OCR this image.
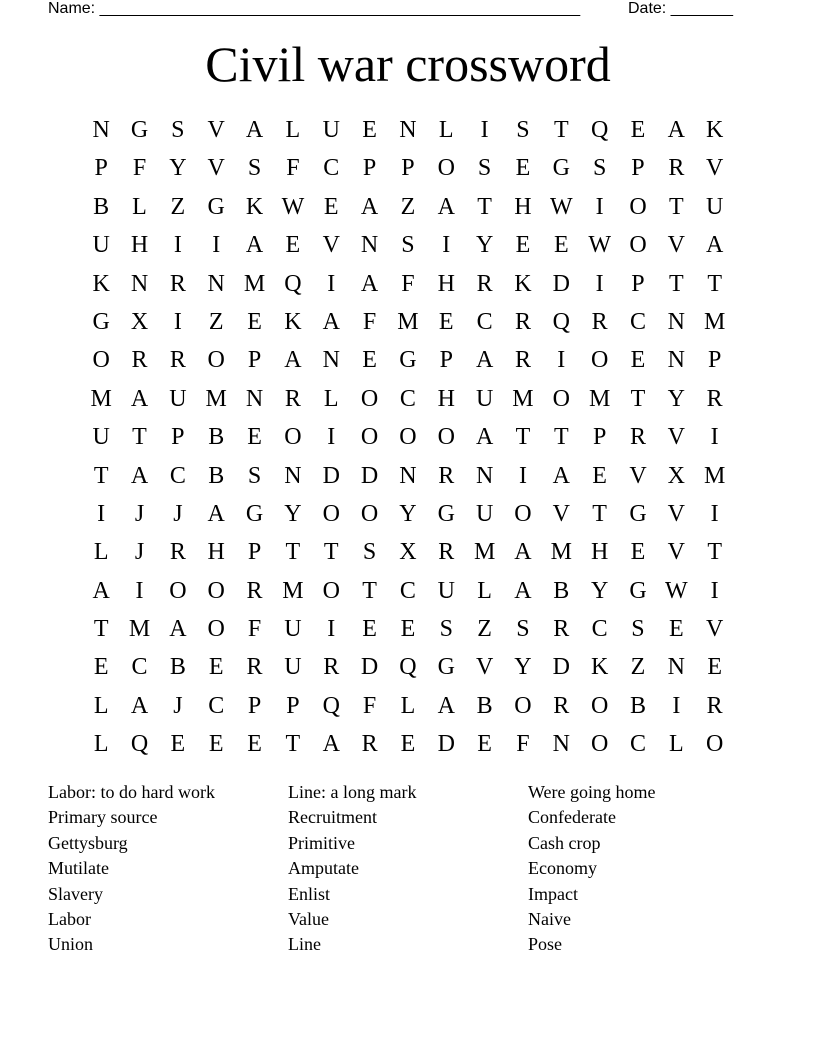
Name: ______________________________________________________	Date: _______
Civil war crossword
N G S V A L U E N L	I	S	T Q E A K
P	F Y V S	F C P	P O S	E G S	P R V
B L Z G K W E A Z A T H W I	O T U
U H	I	I	A E V N S	I	Y E E W O V A
K N R N M Q	I	A F H R K D	I	P	T T
G X	I	Z E K A F M E C R Q R C N M
O R R O P A N E G P A R	I	O E N P
M A U M N R L O C H U M O M T Y R
U T	P B E O	I	O O O A T T	P R V	I
T A C B S N D D N R N	I	A E V X M
I	J	J	A G Y O O Y G U O V T G V	I
L	J	R H P	T T	S X R M A M H E V T
A	I	O O R M O T C U L A B Y G W I
T M A O F U	I	E E	S	Z	S R C S	E V
E C B E R U R D Q G V Y D K Z N E
L A	J	C P	P Q F	L A B O R O B	I	R
L Q E E E T A R E D E	F N O C L O
Labor: to do hard work
Primary source
Gettysburg
Mutilate
Slavery
Labor
Union
Line: a long mark
Recruitment
Primitive
Amputate
Enlist
Value
Line
Were going home
Confederate
Cash crop
Economy
Impact
Naive
Pose
